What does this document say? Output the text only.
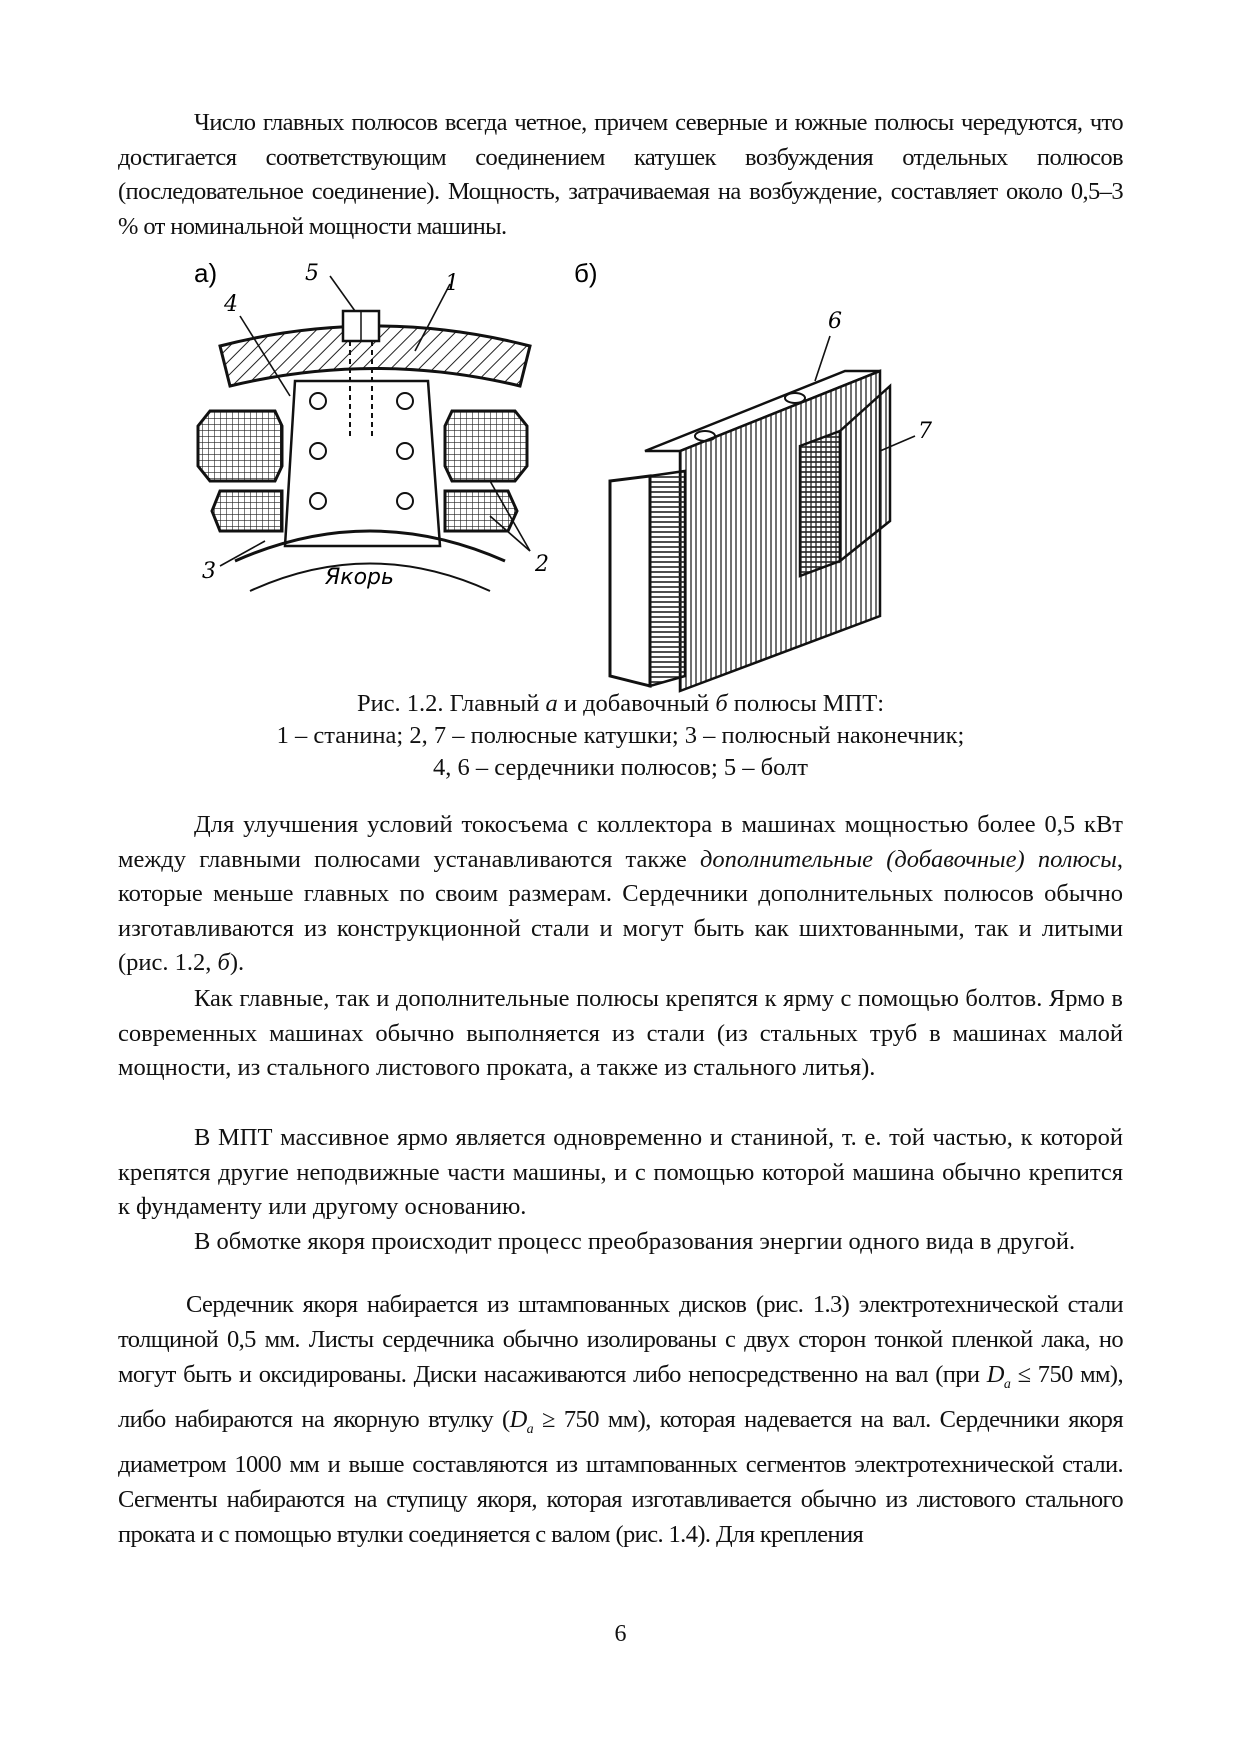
Число главных полюсов всегда четное, причем северные и южные полюсы чередуются, что достигается соответствующим соединением катушек возбуждения отдельных полюсов (последовательное соединение). Мощность, затрачиваемая на возбуждение, составляет около 0,5–3 % от номинальной мощности машины.

а)
Якорь
5	1
4
3	2
б)
6
7

Рис. 1.2. Главный а и добавочный б полюсы МПТ:

1 – станина; 2, 7 – полюсные катушки; 3 – полюсный наконечник;

4, 6 – сердечники полюсов; 5 – болт

Для улучшения условий токосъема с коллектора в машинах мощностью более 0,5 кВт между главными полюсами устанавливаются также дополнительные (добавочные) полюсы, которые меньше главных по своим размерам. Сердечники дополнительных полюсов обычно изготавливаются из конструкционной стали и могут быть как шихтованными, так и литыми (рис. 1.2, б).

Как главные, так и дополнительные полюсы крепятся к ярму с помощью болтов. Ярмо в современных машинах обычно выполняется из стали (из стальных труб в машинах малой мощности, из стального листового проката, а также из стального литья).

В МПТ массивное ярмо является одновременно и станиной, т. е. той частью, к которой крепятся другие неподвижные части машины, и с помощью которой машина обычно крепится к фундаменту или другому основанию.

В обмотке якоря происходит процесс преобразования энергии одного вида в другой.

Сердечник якоря набирается из штампованных дисков (рис. 1.3) электротехнической стали толщиной 0,5 мм. Листы сердечника обычно изолированы с двух сторон тонкой пленкой лака, но могут быть и оксидированы. Диски насаживаются либо непосредственно на вал (при $D_a \le 750$ мм), либо набираются на якорную втулку ($D_a \ge 750$ мм), которая надевается на вал. Сердечники якоря диаметром 1000 мм и выше составляются из штампованных сегментов электротехнической стали. Сегменты набираются на ступицу якоря, которая изготавливается обычно из листового стального проката и с помощью втулки соединяется с валом (рис. 1.4). Для крепления

6
